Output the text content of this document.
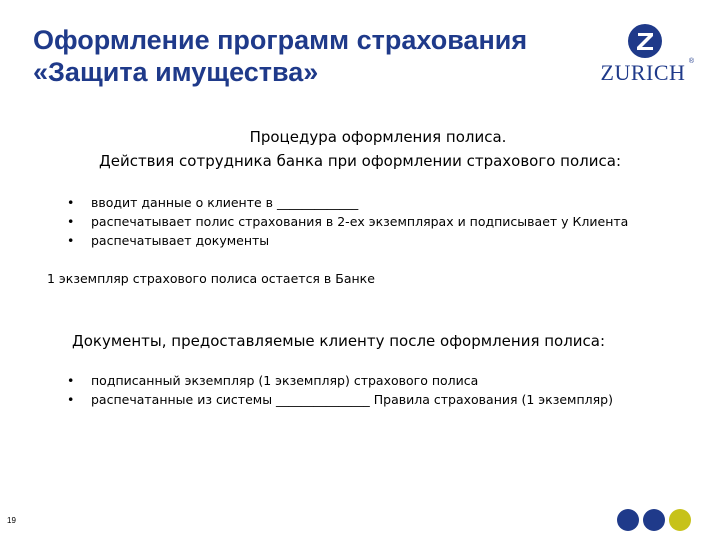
Оформление программ страхования
«Защита имущества»	ZURICH ®
Процедура оформления полиса.
Действия сотрудника банка при оформлении страхового полиса:
• вводит данные о клиенте в _____________
• распечатывает полис страхования в 2-ех экземплярах и подписывает у Клиента
• распечатывает документы
1 экземпляр страхового полиса остается в Банке
Документы, предоставляемые клиенту после оформления полиса:
• подписанный экземпляр (1 экземпляр) страхового полиса
• распечатанные из системы _______________ Правила страхования (1 экземпляр)
19
